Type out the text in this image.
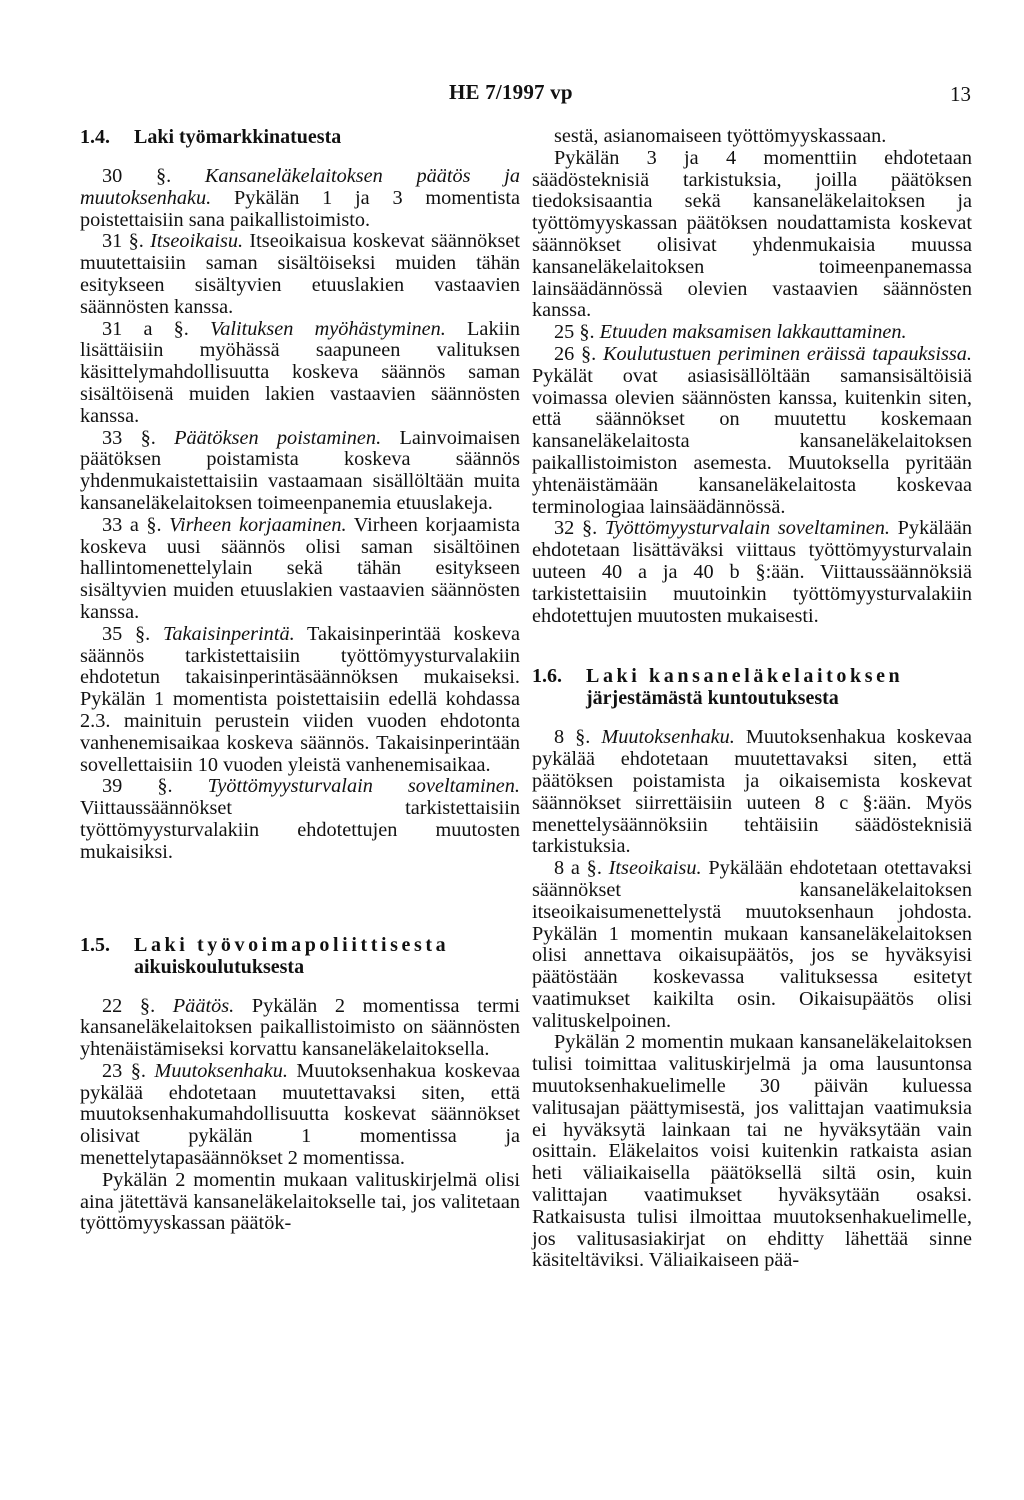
HE 7/1997 vp	13
1.4.	Laki työmarkkinatuesta

30 §. Kansaneläkelaitoksen päätös ja muutoksenhaku. Pykälän 1 ja 3 momentista poistettaisiin sana paikallistoimisto.

31 §. Itseoikaisu. Itseoikaisua koskevat säännökset muutettaisiin saman sisältöiseksi muiden tähän esitykseen sisältyvien etuuslakien vastaavien säännösten kanssa.

31 a §. Valituksen myöhästyminen. Lakiin lisättäisiin myöhässä saapuneen valituksen käsittelymahdollisuutta koskeva säännös saman sisältöisenä muiden lakien vastaavien säännösten kanssa.

33 §. Päätöksen poistaminen. Lainvoimaisen päätöksen poistamista koskeva säännös yhdenmukaistettaisiin vastaamaan sisällöltään muita kansaneläkelaitoksen toimeenpanemia etuuslakeja.

33 a §. Virheen korjaaminen. Virheen korjaamista koskeva uusi säännös olisi saman sisältöinen hallintomenettelylain sekä tähän esitykseen sisältyvien muiden etuuslakien vastaavien säännösten kanssa.

35 §. Takaisinperintä. Takaisinperintää koskeva säännös tarkistettaisiin työttömyysturvalakiin ehdotetun takaisinperintäsäännöksen mukaiseksi. Pykälän 1 momentista poistettaisiin edellä kohdassa 2.3. mainituin perustein viiden vuoden ehdotonta vanhenemisaikaa koskeva säännös. Takaisinperintään sovellettaisiin 10 vuoden yleistä vanhenemisaikaa.

39 §. Työttömyysturvalain soveltaminen. Viittaussäännökset tarkistettaisiin työttömyysturvalakiin ehdotettujen muutosten mukaisiksi.

1.5.	Laki työvoimapoliittisesta
aikuiskoulutuksesta

22 §. Päätös. Pykälän 2 momentissa termi kansaneläkelaitoksen paikallistoimisto on säännösten yhtenäistämiseksi korvattu kansaneläkelaitoksella.

23 §. Muutoksenhaku. Muutoksenhakua koskevaa pykälää ehdotetaan muutettavaksi siten, että muutoksenhakumahdollisuutta koskevat säännökset olisivat pykälän 1 momentissa ja menettelytapasäännökset 2 momentissa.

Pykälän 2 momentin mukaan valituskirjelmä olisi aina jätettävä kansaneläkelaitokselle tai, jos valitetaan työttömyyskassan päätök-

sestä, asianomaiseen työttömyyskassaan.

Pykälän 3 ja 4 momenttiin ehdotetaan säädösteknisiä tarkistuksia, joilla päätöksen tiedoksisaantia sekä kansaneläkelaitoksen ja työttömyyskassan päätöksen noudattamista koskevat säännökset olisivat yhdenmukaisia muussa kansaneläkelaitoksen toimeenpanemassa lainsäädännössä olevien vastaavien säännösten kanssa.

25 §. Etuuden maksamisen lakkauttaminen.

26 §. Koulutustuen periminen eräissä tapauksissa. Pykälät ovat asiasisällöltään samansisältöisiä voimassa olevien säännösten kanssa, kuitenkin siten, että säännökset on muutettu koskemaan kansaneläkelaitosta kansaneläkelaitoksen paikallistoimiston asemesta. Muutoksella pyritään yhtenäistämään kansaneläkelaitosta koskevaa terminologiaa lainsäädännössä.

32 §. Työttömyysturvalain soveltaminen. Pykälään ehdotetaan lisättäväksi viittaus työttömyysturvalain uuteen 40 a ja 40 b §:ään. Viittaussäännöksiä tarkistettaisiin muutoinkin työttömyysturvalakiin ehdotettujen muutosten mukaisesti.

1.6.	Laki kansaneläkelaitoksen
järjestämästä kuntoutuksesta

8 §. Muutoksenhaku. Muutoksenhakua koskevaa pykälää ehdotetaan muutettavaksi siten, että päätöksen poistamista ja oikaisemista koskevat säännökset siirrettäisiin uuteen 8 c §:ään. Myös menettelysäännöksiin tehtäisiin säädösteknisiä tarkistuksia.

8 a §. Itseoikaisu. Pykälään ehdotetaan otettavaksi säännökset kansaneläkelaitoksen itseoikaisumenettelystä muutoksenhaun johdosta. Pykälän 1 momentin mukaan kansaneläkelaitoksen olisi annettava oikaisupäätös, jos se hyväksyisi päätöstään koskevassa valituksessa esitetyt vaatimukset kaikilta osin. Oikaisupäätös olisi valituskelpoinen.

Pykälän 2 momentin mukaan kansaneläkelaitoksen tulisi toimittaa valituskirjelmä ja oma lausuntonsa muutoksenhakuelimelle 30 päivän kuluessa valitusajan päättymisestä, jos valittajan vaatimuksia ei hyväksytä lainkaan tai ne hyväksytään vain osittain. Eläkelaitos voisi kuitenkin ratkaista asian heti väliaikaisella päätöksellä siltä osin, kuin valittajan vaatimukset hyväksytään osaksi. Ratkaisusta tulisi ilmoittaa muutoksenhakuelimelle, jos valitusasiakirjat on ehditty lähettää sinne käsiteltäviksi. Väliaikaiseen pää-
